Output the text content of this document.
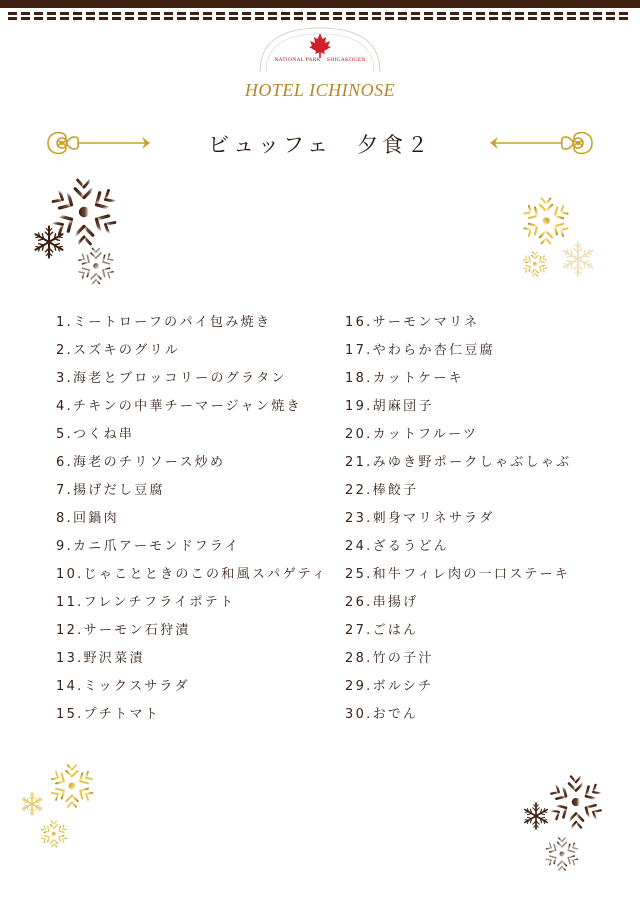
NATIONAL PARK SHIGAKOGEN
HOTEL ICHINOSE
ビュッフェ　夕食２
1.ミートローフのパイ包み焼き
2.スズキのグリル
3.海老とブロッコリーのグラタン
4.チキンの中華チーマージャン焼き
5.つくね串
6.海老のチリソース炒め
7.揚げだし豆腐
8.回鍋肉
9.カニ爪アーモンドフライ
10.じゃことときのこの和風スパゲティ
11.フレンチフライポテト
12.サーモン石狩漬
13.野沢菜漬
14.ミックスサラダ
15.プチトマト
16.サーモンマリネ
17.やわらか杏仁豆腐
18.カットケーキ
19.胡麻団子
20.カットフルーツ
21.みゆき野ポークしゃぶしゃぶ
22.棒餃子
23.刺身マリネサラダ
24.ざるうどん
25.和牛フィレ肉の一口ステーキ
26.串揚げ
27.ごはん
28.竹の子汁
29.ボルシチ
30.おでん
